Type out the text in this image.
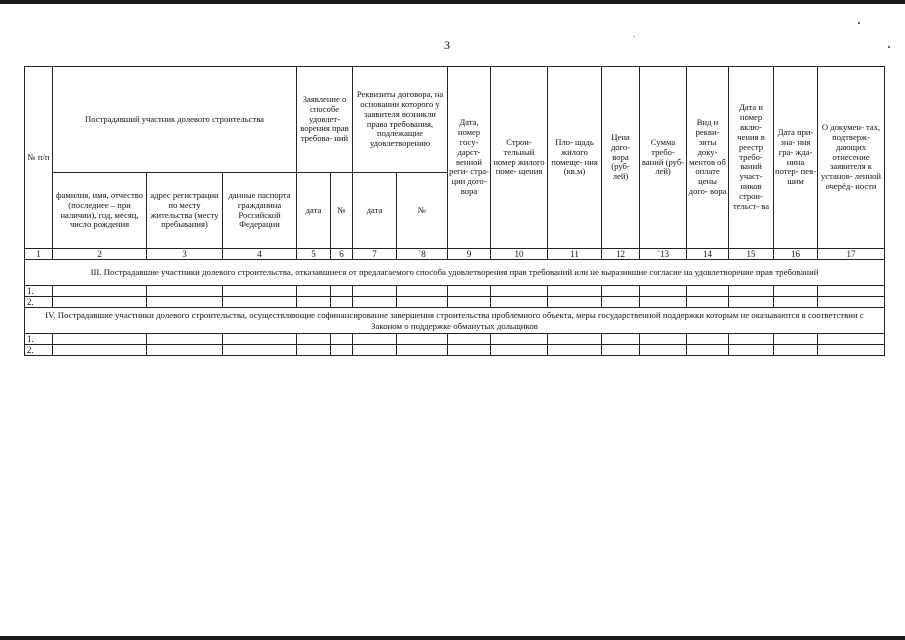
3
№ п/п	Пострадавший участник долевого строительства			Заявление о способе удовлет- ворения прав требова- ний		Реквизиты договора, на основании которого у заявителя возникли права требования, подлежащие удовлетворению		Дата, номер госу- дарст- венной реги- стра- ции дого- вора	Строи- тельный номер жилого поме- щения	Пло- щадь жилого помеще- ния (кв.м)	Цена дого- вора (руб- лей)	Сумма требо- ваний (руб- лей)	Вид и рекви- зиты доку- ментов об оплате цены дого- вора	Дата и номер вклю- чения в реестр требо- ваний участ- ников строи- тельст- ва	Дата при- зна- ния гра- жда- нина потер- пев- шим	О докумен- тах, подтверж- дающих отнесение заявителя к установ- ленной очерёд- ности
	фамилия, имя, отчество (последнее – при наличии), год, месяц, число рождения	адрес регистрации по месту жительства (месту пребывания)	данные паспорта гражданина Российской Федерации	дата	№	дата	№									
1	2	3	4	5	6	7	`8	9	10	11	12	`13	14	15	16	17
III. Пострадавшие участники долевого строительства, отказавшиеся от предлагаемого способа удовлетворения прав требований или не выразившие согласие на удовлетворение прав требований																
1.																
2.																
IV. Пострадавшие участники долевого строительства, осуществляющие софинансирование завершения строительства проблемного объекта, меры государственной поддержки которым не оказываются в соответствии с Законом о поддержке обманутых дольщиков																
1.																
2.																
